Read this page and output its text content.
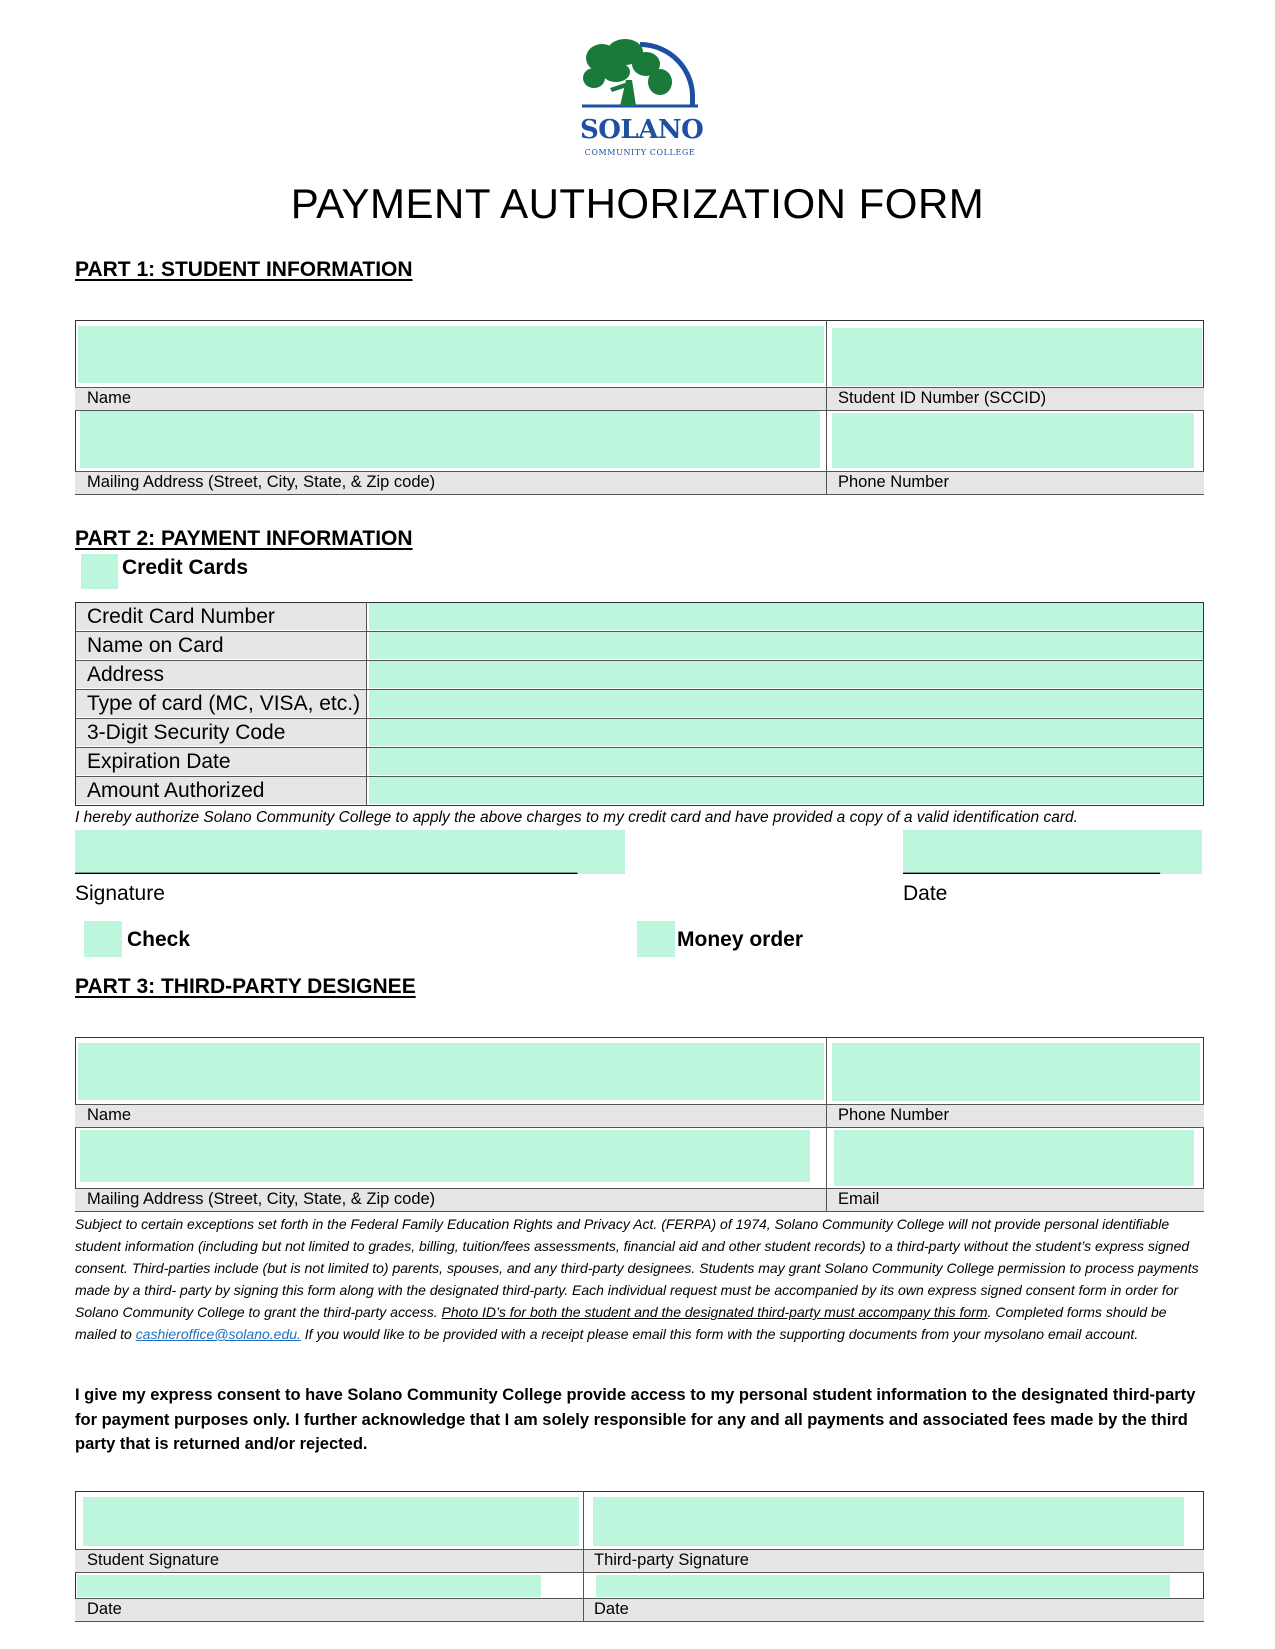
SOLANO
COMMUNITY COLLEGE
PAYMENT AUTHORIZATION FORM
PART 1: STUDENT INFORMATION
Name	Student ID Number (SCCID)
Mailing Address (Street, City, State, & Zip code)	Phone Number
PART 2: PAYMENT INFORMATION
Credit Cards
Credit Card Number
Name on Card
Address
Type of card (MC, VISA, etc.)
3-Digit Security Code
Expiration Date
Amount Authorized
I hereby authorize Solano Community College to apply the above charges to my credit card and have provided a copy of a valid identification card.
___________________________________________	______________________
Signature	Date
Check	Money order
PART 3: THIRD-PARTY DESIGNEE
Name	Phone Number
Mailing Address (Street, City, State, & Zip code)	Email
Subject to certain exceptions set forth in the Federal Family Education Rights and Privacy Act. (FERPA) of 1974, Solano Community College will not provide personal identifiable student information (including but not limited to grades, billing, tuition/fees assessments, financial aid and other student records) to a third-party without the student’s express signed consent. Third-parties include (but is not limited to) parents, spouses, and any third-party designees. Students may grant Solano Community College permission to process payments made by a third- party by signing this form along with the designated third-party. Each individual request must be accompanied by its own express signed consent form in order for Solano Community College to grant the third-party access. Photo ID’s for both the student and the designated third-party must accompany this form. Completed forms should be mailed to cashieroffice@solano.edu. If you would like to be provided with a receipt please email this form with the supporting documents from your mysolano email account.
I give my express consent to have Solano Community College provide access to my personal student information to the designated third-party for payment purposes only. I further acknowledge that I am solely responsible for any and all payments and associated fees made by the third party that is returned and/or rejected.
Student Signature	Third-party Signature
Date	Date
